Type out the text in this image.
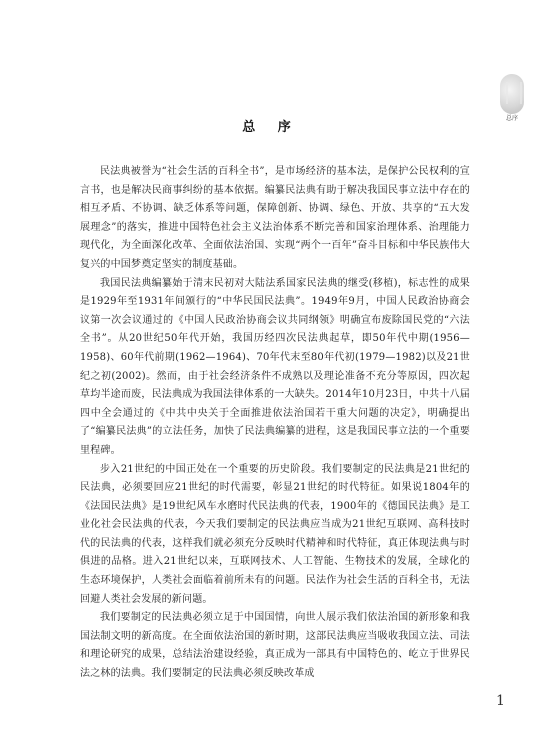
总序
总 序

民法典被誉为“社会生活的百科全书”，是市场经济的基本法，是保护公民权利的宣言书，也是解决民商事纠纷的基本依据。编纂民法典有助于解决我国民事立法中存在的相互矛盾、不协调、缺乏体系等问题，保障创新、协调、绿色、开放、共享的“五大发展理念”的落实，推进中国特色社会主义法治体系不断完善和国家治理体系、治理能力现代化，为全面深化改革、全面依法治国、实现“两个一百年”奋斗目标和中华民族伟大复兴的中国梦奠定坚实的制度基础。

我国民法典编纂始于清末民初对大陆法系国家民法典的继受(移植)，标志性的成果是1929年至1931年间颁行的“中华民国民法典”。1949年9月，中国人民政治协商会议第一次会议通过的《中国人民政治协商会议共同纲领》明确宣布废除国民党的“六法全书”。从20世纪50年代开始，我国历经四次民法典起草，即50年代中期(1956—1958)、60年代前期(1962—1964)、70年代末至80年代初(1979—1982)以及21世纪之初(2002)。然而，由于社会经济条件不成熟以及理论准备不充分等原因，四次起草均半途而废，民法典成为我国法律体系的一大缺失。2014年10月23日，中共十八届四中全会通过的《中共中央关于全面推进依法治国若干重大问题的决定》，明确提出了“编纂民法典”的立法任务，加快了民法典编纂的进程，这是我国民事立法的一个重要里程碑。

步入21世纪的中国正处在一个重要的历史阶段。我们要制定的民法典是21世纪的民法典，必须要回应21世纪的时代需要，彰显21世纪的时代特征。如果说1804年的《法国民法典》是19世纪风车水磨时代民法典的代表，1900年的《德国民法典》是工业化社会民法典的代表，今天我们要制定的民法典应当成为21世纪互联网、高科技时代的民法典的代表，这样我们就必须充分反映时代精神和时代特征，真正体现法典与时俱进的品格。进入21世纪以来，互联网技术、人工智能、生物技术的发展，全球化的生态环境保护，人类社会面临着前所未有的问题。民法作为社会生活的百科全书，无法回避人类社会发展的新问题。

我们要制定的民法典必须立足于中国国情，向世人展示我们依法治国的新形象和我国法制文明的新高度。在全面依法治国的新时期，这部民法典应当吸收我国立法、司法和理论研究的成果，总结法治建设经验，真正成为一部具有中国特色的、屹立于世界民法之林的法典。我们要制定的民法典必须反映改革成

1
